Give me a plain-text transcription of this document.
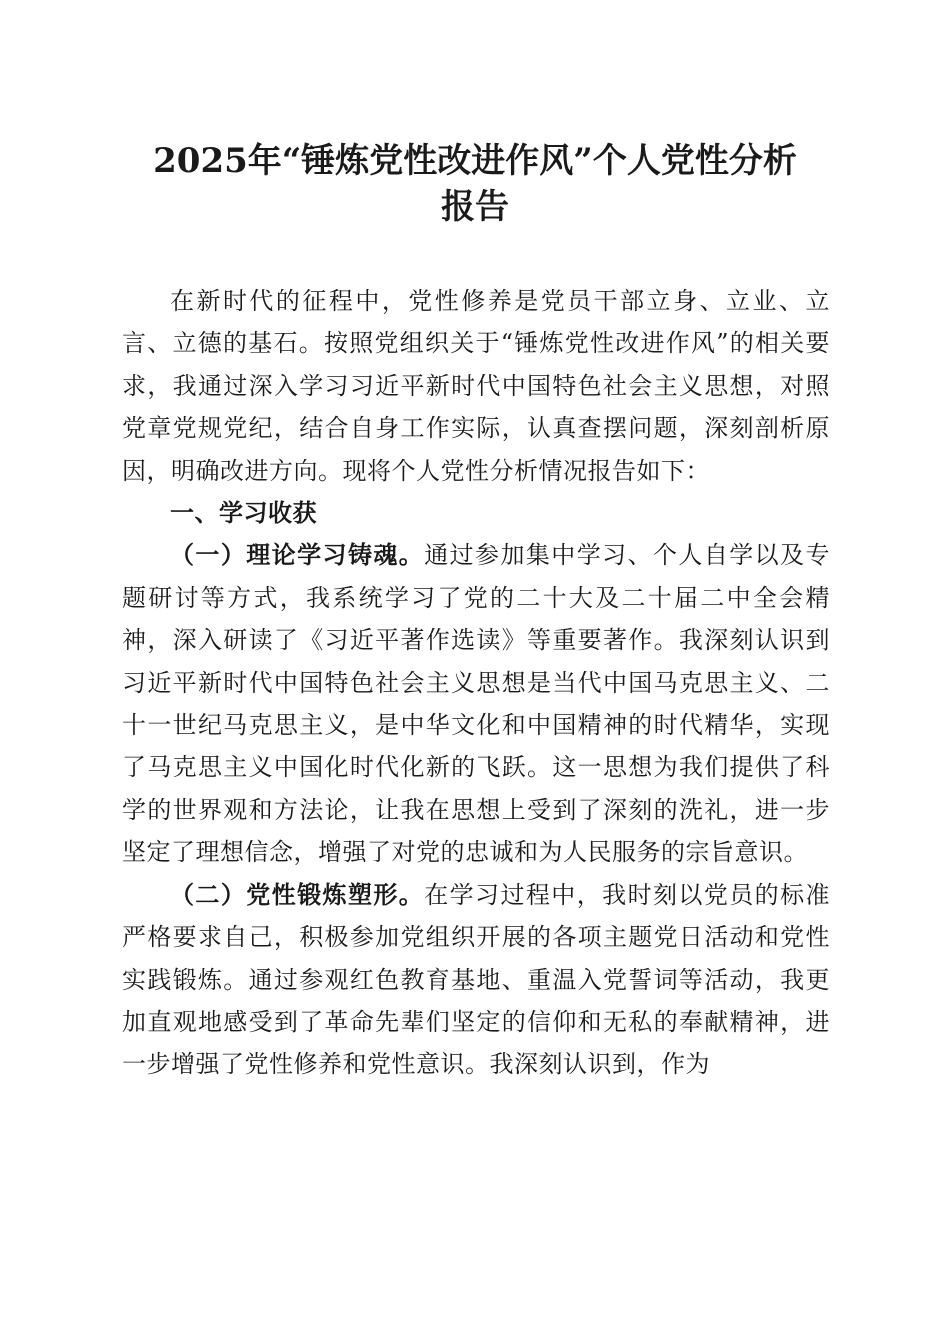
2025年“锤炼党性改进作风”个人党性分析
报告

在新时代的征程中，党性修养是党员干部立身、立业、立言、立德的基石。按照党组织关于“锤炼党性改进作风”的相关要求，我通过深入学习习近平新时代中国特色社会主义思想，对照党章党规党纪，结合自身工作实际，认真查摆问题，深刻剖析原因，明确改进方向。现将个人党性分析情况报告如下：

一、学习收获

（一）理论学习铸魂。通过参加集中学习、个人自学以及专题研讨等方式，我系统学习了党的二十大及二十届二中全会精神，深入研读了《习近平著作选读》等重要著作。我深刻认识到习近平新时代中国特色社会主义思想是当代中国马克思主义、二十一世纪马克思主义，是中华文化和中国精神的时代精华，实现了马克思主义中国化时代化新的飞跃。这一思想为我们提供了科学的世界观和方法论，让我在思想上受到了深刻的洗礼，进一步坚定了理想信念，增强了对党的忠诚和为人民服务的宗旨意识。

（二）党性锻炼塑形。在学习过程中，我时刻以党员的标准严格要求自己，积极参加党组织开展的各项主题党日活动和党性实践锻炼。通过参观红色教育基地、重温入党誓词等活动，我更加直观地感受到了革命先辈们坚定的信仰和无私的奉献精神，进一步增强了党性修养和党性意识。我深刻认识到，作为
